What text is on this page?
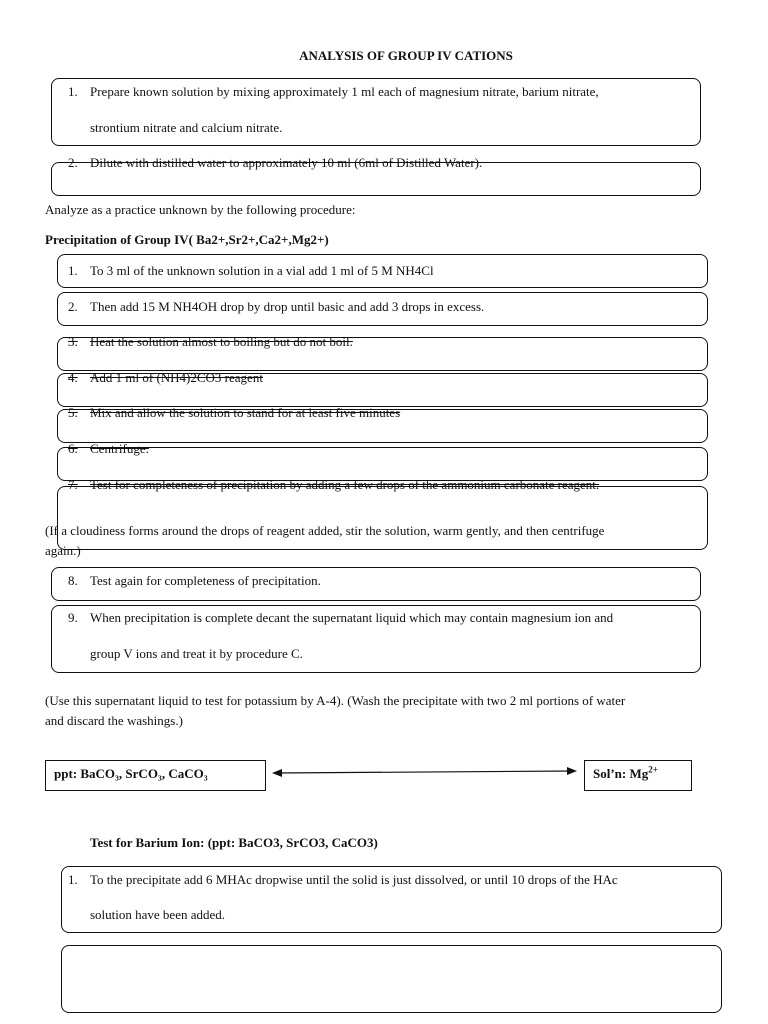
ANALYSIS OF GROUP IV CATIONS
1. Prepare known solution by mixing approximately 1 ml each of magnesium nitrate, barium nitrate,
strontium nitrate and calcium nitrate.
2. Dilute with distilled water to approximately 10 ml (6ml of Distilled Water).
Analyze as a practice unknown by the following procedure:
Precipitation of Group IV( Ba2+,Sr2+,Ca2+,Mg2+)
1. To 3 ml of the unknown solution in a vial add 1 ml of 5 M NH4Cl
2. Then add 15 M NH4OH drop by drop until basic and add 3 drops in excess.
3. Heat the solution almost to boiling but do not boil.
4. Add 1 ml of (NH4)2CO3 reagent
5. Mix and allow the solution to stand for at least five minutes
6. Centrifuge.
7. Test for completeness of precipitation by adding a few drops of the ammonium carbonate reagent.
(If a cloudiness forms around the drops of reagent added, stir the solution, warm gently, and then centrifuge
again.)
8. Test again for completeness of precipitation.
9. When precipitation is complete decant the supernatant liquid which may contain magnesium ion and
group V ions and treat it by procedure C.
(Use this supernatant liquid to test for potassium by A-4). (Wash the precipitate with two 2 ml portions of water
and discard the washings.)
ppt: BaCO₃, SrCO₃, CaCO₃	Sol’n: $Mg^{2+}$
Test for Barium Ion: (ppt: BaCO3, SrCO3, CaCO3)
1. To the precipitate add 6 MHAc dropwise until the solid is just dissolved, or until 10 drops of the HAc
solution have been added.
